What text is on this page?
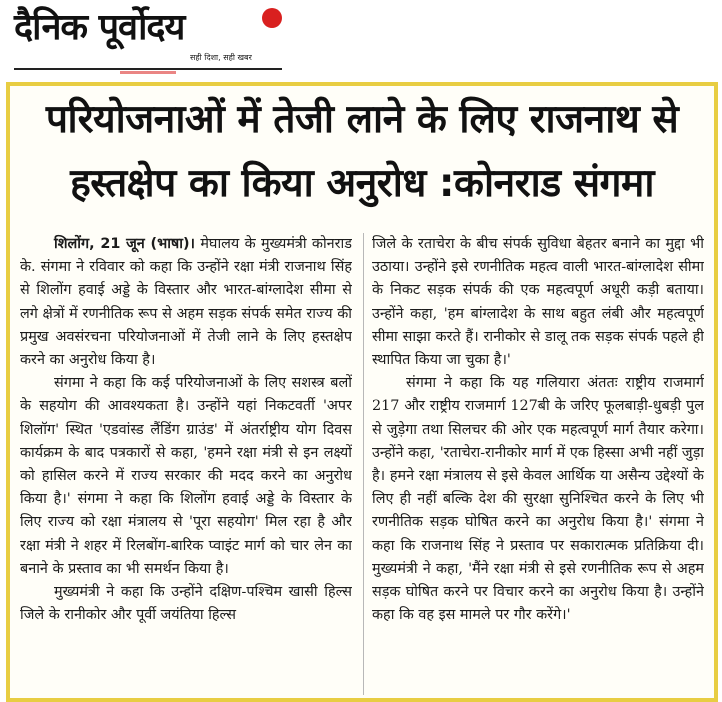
दैनिक पूर्वोदय
सही दिशा, सही खबर
परियोजनाओं में तेजी लाने के लिए राजनाथ से हस्तक्षेप का किया अनुरोध :कोनराड संगमा

शिलोंग, 21 जून (भाषा)। मेघालय के मुख्यमंत्री कोनराड के. संगमा ने रविवार को कहा कि उन्होंने रक्षा मंत्री राजनाथ सिंह से शिलोंग हवाई अड्डे के विस्तार और भारत-बांग्लादेश सीमा से लगे क्षेत्रों में रणनीतिक रूप से अहम सड़क संपर्क समेत राज्य की प्रमुख अवसंरचना परियोजनाओं में तेजी लाने के लिए हस्तक्षेप करने का अनुरोध किया है।

संगमा ने कहा कि कई परियोजनाओं के लिए सशस्त्र बलों के सहयोग की आवश्यकता है। उन्होंने यहां निकटवर्ती 'अपर शिलॉग' स्थित 'एडवांस्ड लैंडिंग ग्राउंड' में अंतर्राष्ट्रीय योग दिवस कार्यक्रम के बाद पत्रकारों से कहा, 'हमने रक्षा मंत्री से इन लक्ष्यों को हासिल करने में राज्य सरकार की मदद करने का अनुरोध किया है।' संगमा ने कहा कि शिलोंग हवाई अड्डे के विस्तार के लिए राज्य को रक्षा मंत्रालय से 'पूरा सहयोग' मिल रहा है और रक्षा मंत्री ने शहर में रिलबोंग-बारिक प्वाइंट मार्ग को चार लेन का बनाने के प्रस्ताव का भी समर्थन किया है।

मुख्यमंत्री ने कहा कि उन्होंने दक्षिण-पश्चिम खासी हिल्स जिले के रानीकोर और पूर्वी जयंतिया हिल्स

जिले के रताचेरा के बीच संपर्क सुविधा बेहतर बनाने का मुद्दा भी उठाया। उन्होंने इसे रणनीतिक महत्व वाली भारत-बांग्लादेश सीमा के निकट सड़क संपर्क की एक महत्वपूर्ण अधूरी कड़ी बताया। उन्होंने कहा, 'हम बांग्लादेश के साथ बहुत लंबी और महत्वपूर्ण सीमा साझा करते हैं। रानीकोर से डालू तक सड़क संपर्क पहले ही स्थापित किया जा चुका है।'

संगमा ने कहा कि यह गलियारा अंततः राष्ट्रीय राजमार्ग 217 और राष्ट्रीय राजमार्ग 127बी के जरिए फूलबाड़ी-धुबड़ी पुल से जुड़ेगा तथा सिलचर की ओर एक महत्वपूर्ण मार्ग तैयार करेगा। उन्होंने कहा, 'रताचेरा-रानीकोर मार्ग में एक हिस्सा अभी नहीं जुड़ा है। हमने रक्षा मंत्रालय से इसे केवल आर्थिक या असैन्य उद्देश्यों के लिए ही नहीं बल्कि देश की सुरक्षा सुनिश्चित करने के लिए भी रणनीतिक सड़क घोषित करने का अनुरोध किया है।' संगमा ने कहा कि राजनाथ सिंह ने प्रस्ताव पर सकारात्मक प्रतिक्रिया दी। मुख्यमंत्री ने कहा, 'मैंने रक्षा मंत्री से इसे रणनीतिक रूप से अहम सड़क घोषित करने पर विचार करने का अनुरोध किया है। उन्होंने कहा कि वह इस मामले पर गौर करेंगे।'
